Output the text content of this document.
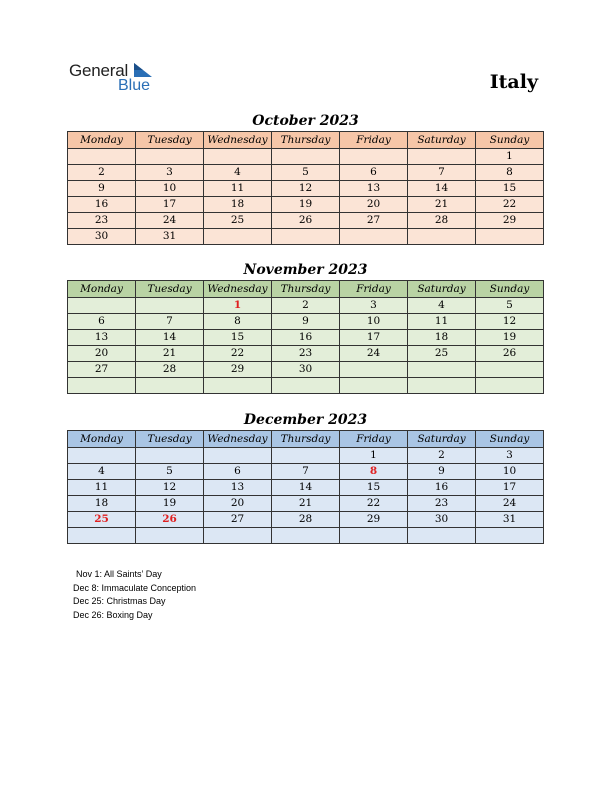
General
Blue	Italy
October 2023
Monday	Tuesday	Wednesday	Thursday	Friday	Saturday	Sunday
						1
2	3	4	5	6	7	8
9	10	11	12	13	14	15
16	17	18	19	20	21	22
23	24	25	26	27	28	29
30	31					
November 2023
Monday	Tuesday	Wednesday	Thursday	Friday	Saturday	Sunday
		1	2	3	4	5
6	7	8	9	10	11	12
13	14	15	16	17	18	19
20	21	22	23	24	25	26
27	28	29	30			

December 2023
Monday	Tuesday	Wednesday	Thursday	Friday	Saturday	Sunday
				1	2	3
4	5	6	7	8	9	10
11	12	13	14	15	16	17
18	19	20	21	22	23	24
25	26	27	28	29	30	31

Nov 1: All Saints’ Day
Dec 8: Immaculate Conception
Dec 25: Christmas Day
Dec 26: Boxing Day
